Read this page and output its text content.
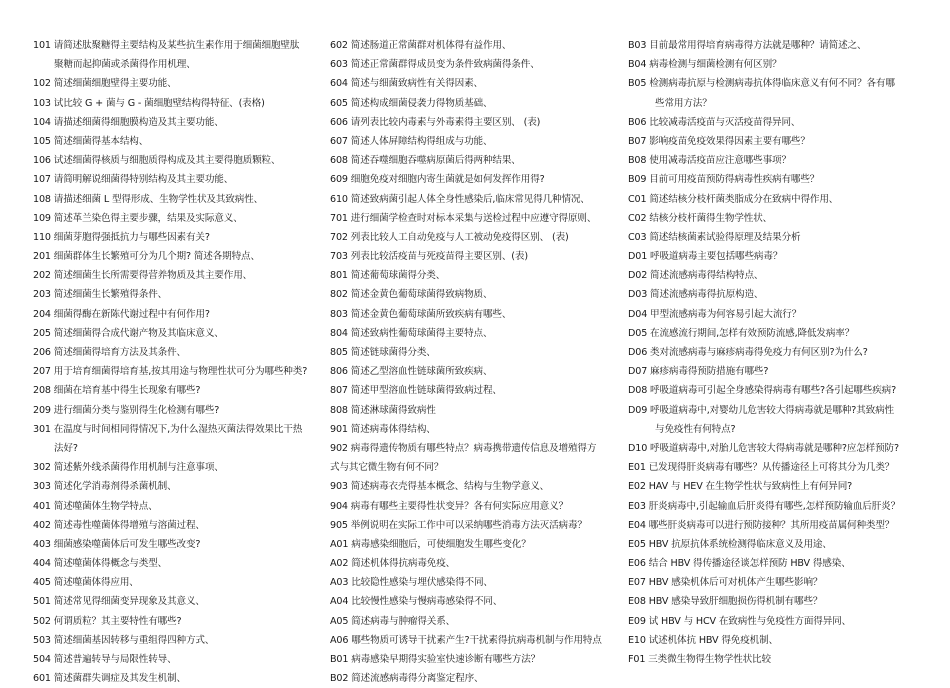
101 请简述肽聚糖得主要结构及某些抗生素作用于细菌细胞壁肽
聚糖而起抑菌或杀菌得作用机理、
102 简述细菌细胞壁得主要功能、
103 试比较 G + 菌与 G - 菌细胞壁结构得特征、(表格)
104 请描述细菌得细胞膜构造及其主要功能、
105 简述细菌得基本结构、
106 试述细菌得核质与细胞质得构成及其主要得胞质颗粒、
107 请简明解说细菌得特别结构及其主要功能、
108 请描述细菌 L 型得形成、生物学性状及其致病性、
109 简述革兰染色得主要步骤，结果及实际意义、
110 细菌芽胞得强抵抗力与哪些因素有关?
201 细菌群体生长繁殖可分为几个期? 简述各期特点、
202 简述细菌生长所需要得营养物质及其主要作用、
203 简述细菌生长繁殖得条件、
204 细菌得酶在新陈代谢过程中有何作用?
205 简述细菌得合成代谢产物及其临床意义、
206 简述细菌得培育方法及其条件、
207 用于培育细菌得培育基,按其用途与物理性状可分为哪些种类?
208 细菌在培育基中得生长现象有哪些?
209 进行细菌分类与鉴别得生化检测有哪些?
301 在温度与时间相同得情况下,为什么湿热灭菌法得效果比干热
法好?
302 简述紫外线杀菌得作用机制与注意事项、
303 简述化学消毒剂得杀菌机制、
401 简述噬菌体生物学特点、
402 简述毒性噬菌体得增殖与溶菌过程、
403 细菌感染噬菌体后可发生哪些改变?
404 简述噬菌体得概念与类型、
405 简述噬菌体得应用、
501 简述常见得细菌变异现象及其意义、
502 何谓质粒？其主要特性有哪些?
503 简述细菌基因转移与重组得四种方式、
504 简述普遍转导与局限性转导、
601 简述菌群失调症及其发生机制、
602 简述肠道正常菌群对机体得有益作用、
603 简述正常菌群得成员变为条件致病菌得条件、
604 简述与细菌致病性有关得因素、
605 简述构成细菌侵袭力得物质基础、
606 请列表比较内毒素与外毒素得主要区别、 (表)
607 简述人体屏障结构得组成与功能、
608 简述吞噬细胞吞噬病原菌后得两种结果、
609 细胞免疫对细胞内寄生菌就是如何发挥作用得?
610 简述致病菌引起人体全身性感染后,临床常见得几种情况、
701 进行细菌学检查时对标本采集与送检过程中应遵守得原则、
702 列表比较人工自动免疫与人工被动免疫得区别、 (表)
703 列表比较活疫苗与死疫苗得主要区别、(表)
801 简述葡萄球菌得分类、
802 简述金黄色葡萄球菌得致病物质、
803 简述金黄色葡萄球菌所致疾病有哪些、
804 简述致病性葡萄球菌得主要特点、
805 简述链球菌得分类、
806 简述乙型溶血性链球菌所致疾病、
807 简述甲型溶血性链球菌得致病过程、
808 简述淋球菌得致病性
901 简述病毒体得结构、
902 病毒得遗传物质有哪些特点？病毒携带遗传信息及增殖得方
式与其它微生物有何不同？
903 简述病毒衣壳得基本概念、结构与生物学意义、
904 病毒有哪些主要得性状变异？各有何实际应用意义？
905 举例说明在实际工作中可以采纳哪些消毒方法灭活病毒？
A01 病毒感染细胞后，可使细胞发生哪些变化？
A02 简述机体得抗病毒免疫、
A03 比较隐性感染与埋伏感染得不同、
A04 比较慢性感染与慢病毒感染得不同、
A05 简述病毒与肿瘤得关系、
A06 哪些物质可诱导干扰素产生?干扰素得抗病毒机制与作用特点
B01 病毒感染早期得实验室快速诊断有哪些方法？
B02 简述流感病毒得分离鉴定程序、
B03 目前最常用得培育病毒得方法就是哪种？请简述之、
B04 病毒检测与细菌检测有何区别？
B05 检测病毒抗原与检测病毒抗体得临床意义有何不同？各有哪
些常用方法？
B06 比较减毒活疫苗与灭活疫苗得异同、
B07 影响疫苗免疫效果得因素主要有哪些？
B08 使用减毒活疫苗应注意哪些事项？
B09 目前可用疫苗预防得病毒性疾病有哪些？
C01 简述结核分枝杆菌类脂成分在致病中得作用、
C02 结核分枝杆菌得生物学性状、
C03 简述结核菌素试验得原理及结果分析
D01 呼吸道病毒主要包括哪些病毒？
D02 简述流感病毒得结构特点、
D03 简述流感病毒得抗原构造、
D04 甲型流感病毒为何容易引起大流行？
D05 在流感流行期间,怎样有效预防流感,降低发病率？
D06 类对流感病毒与麻疹病毒得免疫力有何区别?为什么?
D07 麻疹病毒得预防措施有哪些?
D08 呼吸道病毒可引起全身感染得病毒有哪些?各引起哪些疾病?
D09 呼吸道病毒中,对婴幼儿危害较大得病毒就是哪种?其致病性
与免疫性有何特点?
D10 呼吸道病毒中,对胎儿危害较大得病毒就是哪种?应怎样预防?
E01 已发现得肝炎病毒有哪些？从传播途径上可将其分为几类？
E02 HAV 与 HEV 在生物学性状与致病性上有何异同?
E03 肝炎病毒中,引起输血后肝炎得有哪些,怎样预防输血后肝炎？
E04 哪些肝炎病毒可以进行预防接种？其所用疫苗属何种类型？
E05 HBV 抗原抗体系统检测得临床意义及用途、
E06 结合 HBV 得传播途径谈怎样预防 HBV 得感染、
E07 HBV 感染机体后可对机体产生哪些影响？
E08 HBV 感染导致肝细胞损伤得机制有哪些？
E09 试 HBV 与 HCV 在致病性与免疫性方面得异同、
E10 试述机体抗 HBV 得免疫机制、
F01 三类微生物得生物学性状比较
